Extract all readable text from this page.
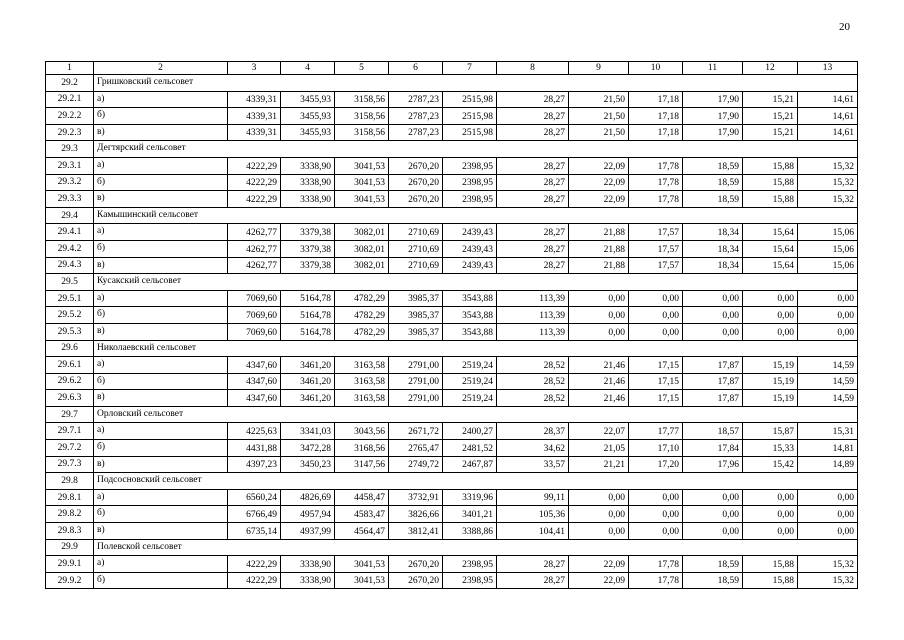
20
1	2	3	4	5	6	7	8	9	10	11	12	13
29.2	Гришковский сельсовет											
29.2.1	а)	4339,31	3455,93	3158,56	2787,23	2515,98	28,27	21,50	17,18	17,90	15,21	14,61
29.2.2	б)	4339,31	3455,93	3158,56	2787,23	2515,98	28,27	21,50	17,18	17,90	15,21	14,61
29.2.3	в)	4339,31	3455,93	3158,56	2787,23	2515,98	28,27	21,50	17,18	17,90	15,21	14,61
29.3	Дегтярский сельсовет											
29.3.1	а)	4222,29	3338,90	3041,53	2670,20	2398,95	28,27	22,09	17,78	18,59	15,88	15,32
29.3.2	б)	4222,29	3338,90	3041,53	2670,20	2398,95	28,27	22,09	17,78	18,59	15,88	15,32
29.3.3	в)	4222,29	3338,90	3041,53	2670,20	2398,95	28,27	22,09	17,78	18,59	15,88	15,32
29.4	Камышинский сельсовет											
29.4.1	а)	4262,77	3379,38	3082,01	2710,69	2439,43	28,27	21,88	17,57	18,34	15,64	15,06
29.4.2	б)	4262,77	3379,38	3082,01	2710,69	2439,43	28,27	21,88	17,57	18,34	15,64	15,06
29.4.3	в)	4262,77	3379,38	3082,01	2710,69	2439,43	28,27	21,88	17,57	18,34	15,64	15,06
29.5	Кусакский сельсовет											
29.5.1	а)	7069,60	5164,78	4782,29	3985,37	3543,88	113,39	0,00	0,00	0,00	0,00	0,00
29.5.2	б)	7069,60	5164,78	4782,29	3985,37	3543,88	113,39	0,00	0,00	0,00	0,00	0,00
29.5.3	в)	7069,60	5164,78	4782,29	3985,37	3543,88	113,39	0,00	0,00	0,00	0,00	0,00
29.6	Николаевский сельсовет											
29.6.1	а)	4347,60	3461,20	3163,58	2791,00	2519,24	28,52	21,46	17,15	17,87	15,19	14,59
29.6.2	б)	4347,60	3461,20	3163,58	2791,00	2519,24	28,52	21,46	17,15	17,87	15,19	14,59
29.6.3	в)	4347,60	3461,20	3163,58	2791,00	2519,24	28,52	21,46	17,15	17,87	15,19	14,59
29.7	Орловский сельсовет											
29.7.1	а)	4225,63	3341,03	3043,56	2671,72	2400,27	28,37	22,07	17,77	18,57	15,87	15,31
29.7.2	б)	4431,88	3472,28	3168,56	2765,47	2481,52	34,62	21,05	17,10	17,84	15,33	14,81
29.7.3	в)	4397,23	3450,23	3147,56	2749,72	2467,87	33,57	21,21	17,20	17,96	15,42	14,89
29.8	Подсосновский сельсовет											
29.8.1	а)	6560,24	4826,69	4458,47	3732,91	3319,96	99,11	0,00	0,00	0,00	0,00	0,00
29.8.2	б)	6766,49	4957,94	4583,47	3826,66	3401,21	105,36	0,00	0,00	0,00	0,00	0,00
29.8.3	в)	6735,14	4937,99	4564,47	3812,41	3388,86	104,41	0,00	0,00	0,00	0,00	0,00
29.9	Полевской сельсовет											
29.9.1	а)	4222,29	3338,90	3041,53	2670,20	2398,95	28,27	22,09	17,78	18,59	15,88	15,32
29.9.2	б)	4222,29	3338,90	3041,53	2670,20	2398,95	28,27	22,09	17,78	18,59	15,88	15,32
